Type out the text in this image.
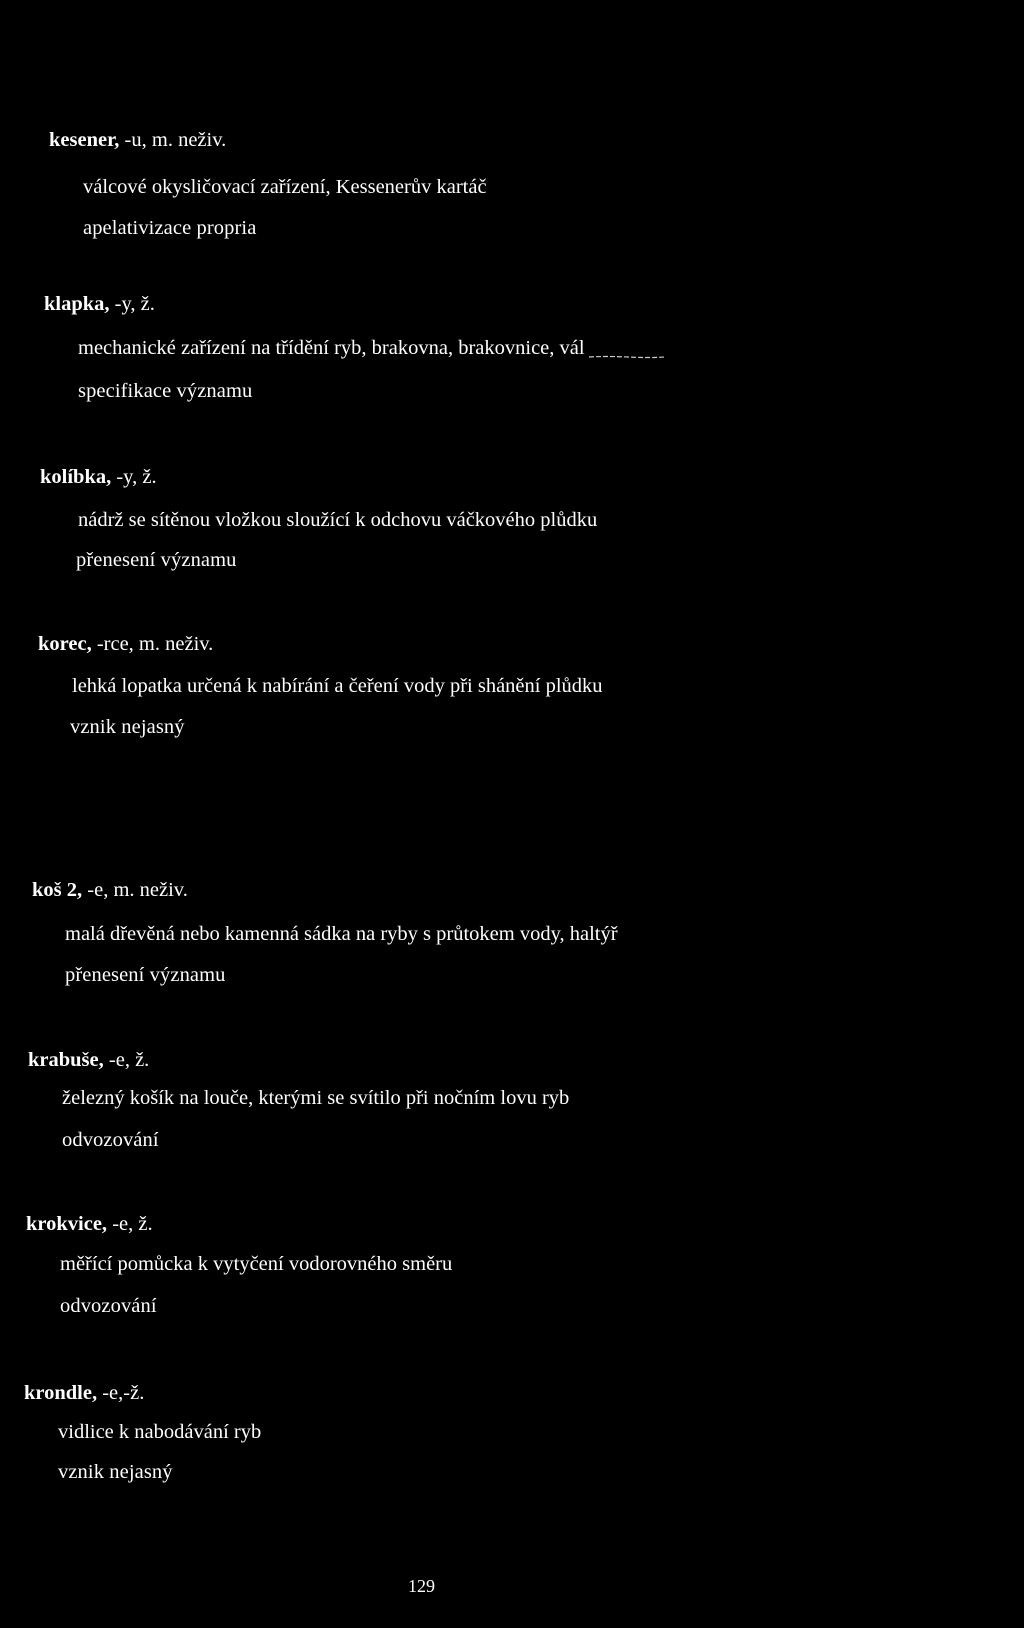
kesener, -u, m. neživ.
válcové okysličovací zařízení, Kessenerův kartáč
apelativizace propria
klapka, -y, ž.
mechanické zařízení na třídění ryb, brakovna, brakovnice, vál
specifikace významu
kolíbka, -y, ž.
nádrž se sítěnou vložkou sloužící k odchovu váčkového plůdku
přenesení významu
korec, -rce, m. neživ.
lehká lopatka určená k nabírání a čeření vody při shánění plůdku
vznik nejasný
koš 2, -e, m. neživ.
malá dřevěná nebo kamenná sádka na ryby s průtokem vody, haltýř
přenesení významu
krabuše, -e, ž.
železný košík na louče, kterými se svítilo při nočním lovu ryb
odvozování
krokvice, -e, ž.
měřící pomůcka k vytyčení vodorovného směru
odvozování
krondle, -e,-ž.
vidlice k nabodávání ryb
vznik nejasný
129
